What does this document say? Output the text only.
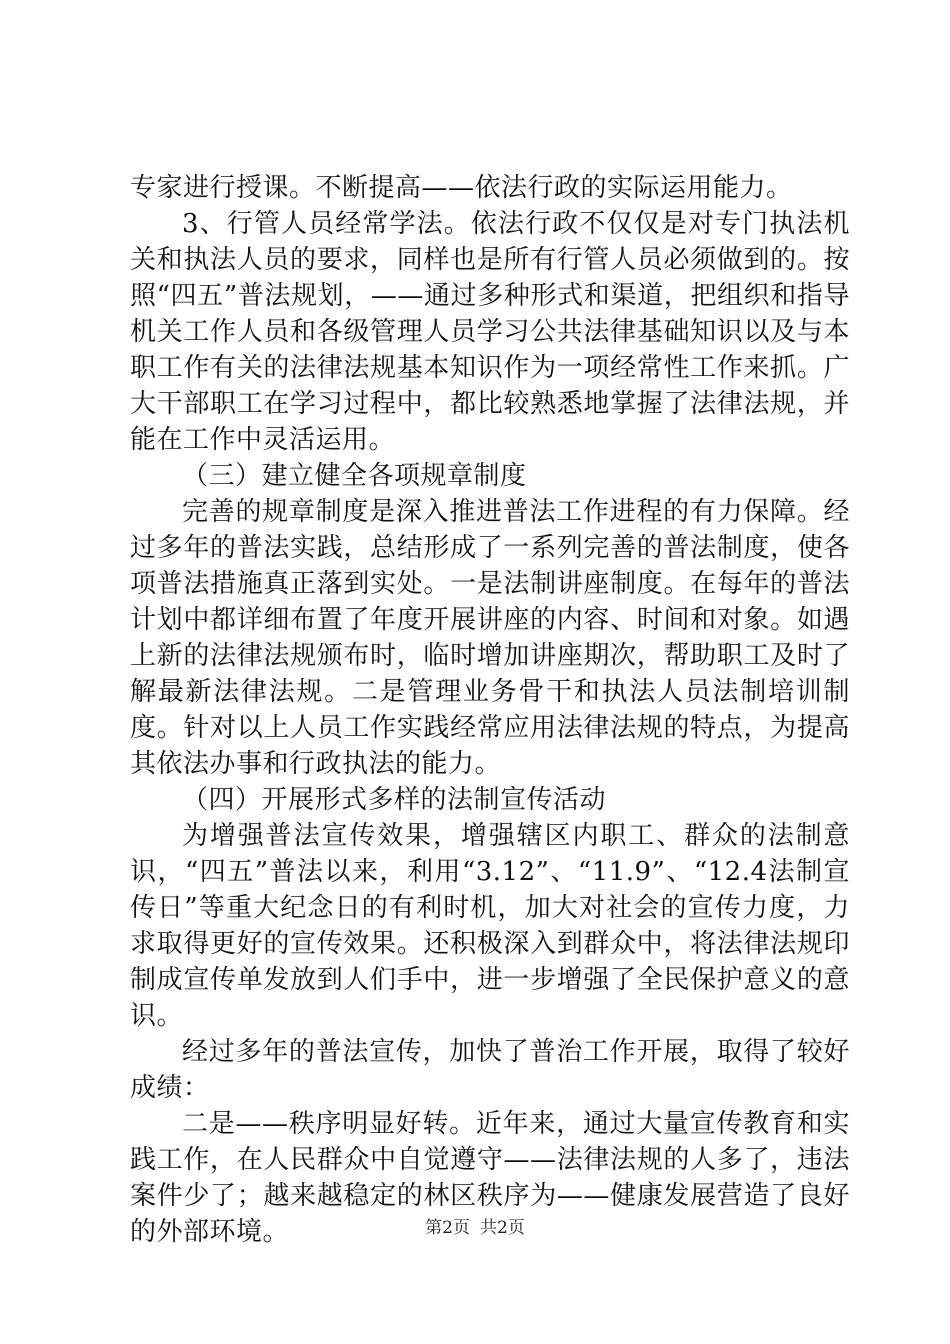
专家进行授课。不断提高——依法行政的实际运用能力。

3、行管人员经常学法。依法行政不仅仅是对专门执法机关和执法人员的要求，同样也是所有行管人员必须做到的。按照“四五”普法规划，——通过多种形式和渠道，把组织和指导机关工作人员和各级管理人员学习公共法律基础知识以及与本职工作有关的法律法规基本知识作为一项经常性工作来抓。广大干部职工在学习过程中，都比较熟悉地掌握了法律法规，并能在工作中灵活运用。

（三）建立健全各项规章制度

完善的规章制度是深入推进普法工作进程的有力保障。经过多年的普法实践，总结形成了一系列完善的普法制度，使各项普法措施真正落到实处。一是法制讲座制度。在每年的普法计划中都详细布置了年度开展讲座的内容、时间和对象。如遇上新的法律法规颁布时，临时增加讲座期次，帮助职工及时了解最新法律法规。二是管理业务骨干和执法人员法制培训制度。针对以上人员工作实践经常应用法律法规的特点，为提高其依法办事和行政执法的能力。

（四）开展形式多样的法制宣传活动

为增强普法宣传效果，增强辖区内职工、群众的法制意识，“四五”普法以来，利用“3.12”、“11.9”、“12.4法制宣传日”等重大纪念日的有利时机，加大对社会的宣传力度，力求取得更好的宣传效果。还积极深入到群众中，将法律法规印制成宣传单发放到人们手中，进一步增强了全民保护意义的意识。

经过多年的普法宣传，加快了普治工作开展，取得了较好成绩：

二是——秩序明显好转。近年来，通过大量宣传教育和实践工作，在人民群众中自觉遵守——法律法规的人多了，违法案件少了；越来越稳定的林区秩序为——健康发展营造了良好的外部环境。	第2页 共2页
